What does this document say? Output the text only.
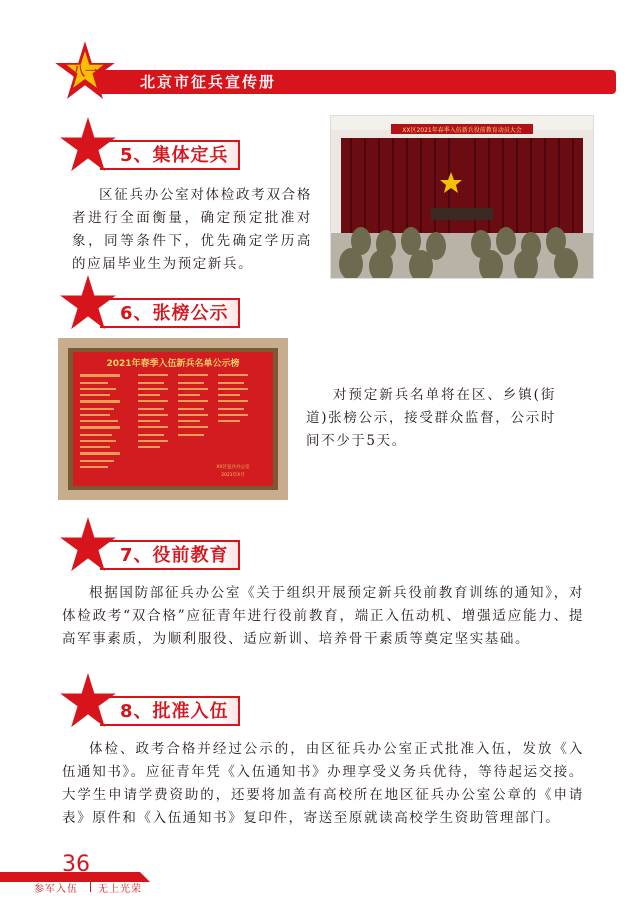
北京市征兵宣传册
八一
5、集体定兵
区征兵办公室对体检政考双合格者进行全面衡量，确定预定批准对象，同等条件下，优先确定学历高的应届毕业生为预定新兵。
XX区2021年春季入伍新兵役前教育动员大会
6、张榜公示
2021年春季入伍新兵名单公示榜
XX区征兵办公室
2021年X月
对预定新兵名单将在区、乡镇(街道)张榜公示，接受群众监督，公示时间不少于5天。
7、役前教育
根据国防部征兵办公室《关于组织开展预定新兵役前教育训练的通知》，对体检政考“双合格”应征青年进行役前教育，端正入伍动机、增强适应能力、提高军事素质，为顺利服役、适应新训、培养骨干素质等奠定坚实基础。
8、批准入伍
体检、政考合格并经过公示的，由区征兵办公室正式批准入伍，发放《入伍通知书》。应征青年凭《入伍通知书》办理享受义务兵优待，等待起运交接。大学生申请学费资助的，还要将加盖有高校所在地区征兵办公室公章的《申请表》原件和《入伍通知书》复印件，寄送至原就读高校学生资助管理部门。
36
参军入伍 无上光荣
